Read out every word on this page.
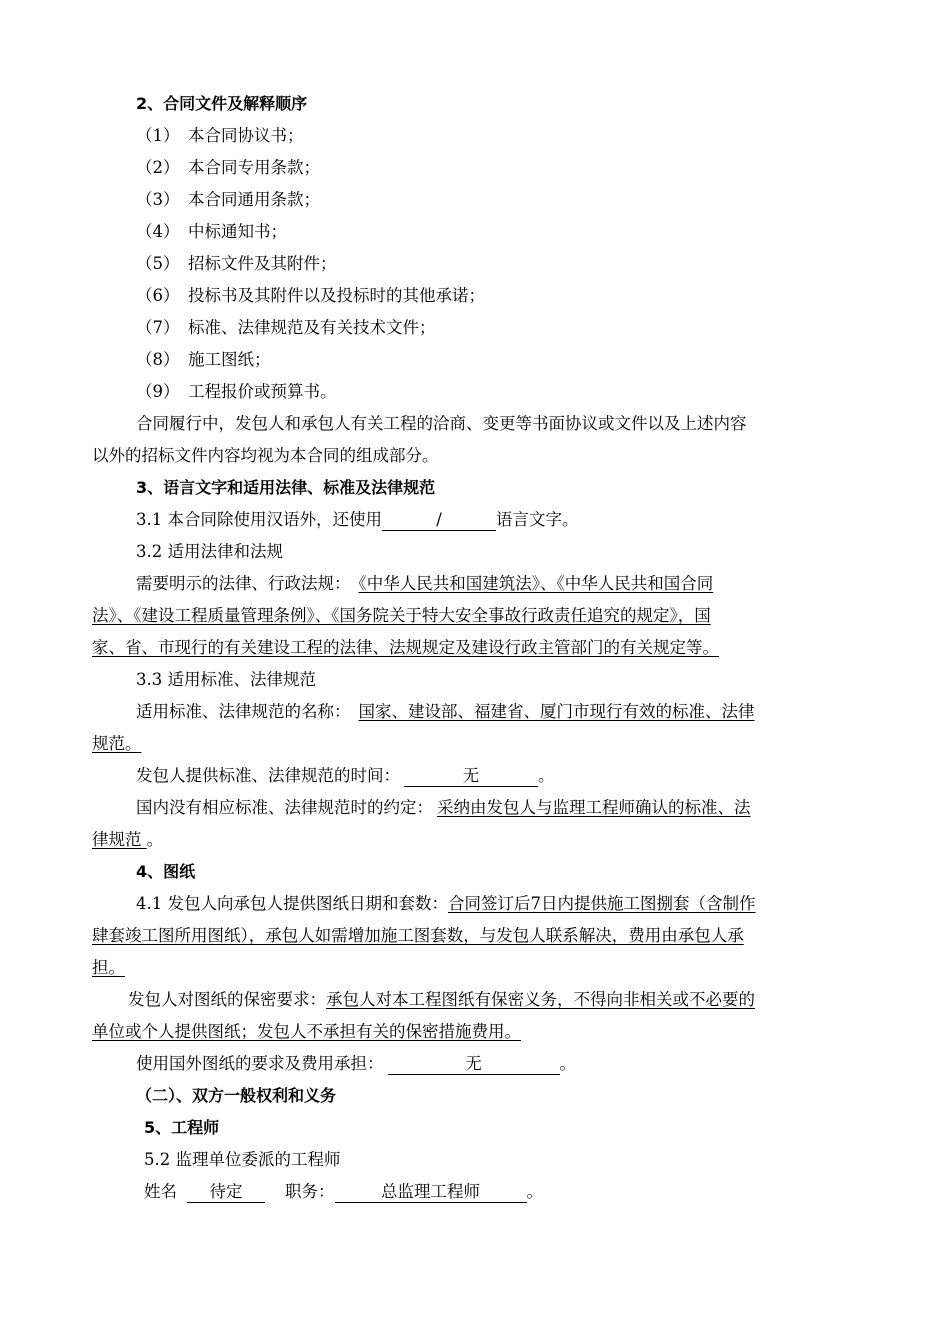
2、合同文件及解释顺序
（1） 本合同协议书；
（2） 本合同专用条款；
（3） 本合同通用条款；
（4） 中标通知书；
（5） 招标文件及其附件；
（6） 投标书及其附件以及投标时的其他承诺；
（7） 标准、法律规范及有关技术文件；
（8） 施工图纸；
（9） 工程报价或预算书。
合同履行中，发包人和承包人有关工程的洽商、变更等书面协议或文件以及上述内容
以外的招标文件内容均视为本合同的组成部分。
3、语言文字和适用法律、标准及法律规范
3.1 本合同除使用汉语外，还使用	/	语言文字。
3.2 适用法律和法规
需要明示的法律、行政法规： 《中华人民共和国建筑法》、《中华人民共和国合同
法》、《建设工程质量管理条例》、《国务院关于特大安全事故行政责任追究的规定》，国
家、省、市现行的有关建设工程的法律、法规规定及建设行政主管部门的有关规定等。
3.3 适用标准、法律规范
适用标准、法律规范的名称： 国家、建设部、福建省、厦门市现行有效的标准、法律
规范。
发包人提供标准、法律规范的时间：	无	。
国内没有相应标准、法律规范时的约定： 采纳由发包人与监理工程师确认的标准、法
律规范 。
4、图纸
4.1 发包人向承包人提供图纸日期和套数：合同签订后7日内提供施工图捌套（含制作
肆套竣工图所用图纸），承包人如需增加施工图套数，与发包人联系解决，费用由承包人承
担。
发包人对图纸的保密要求：承包人对本工程图纸有保密义务，不得向非相关或不必要的
单位或个人提供图纸；发包人不承担有关的保密措施费用。
使用国外图纸的要求及费用承担：	无	。
（二）、双方一般权利和义务
5、工程师
5.2 监理单位委派的工程师
姓名 待定	职务：	总监理工程师	。
